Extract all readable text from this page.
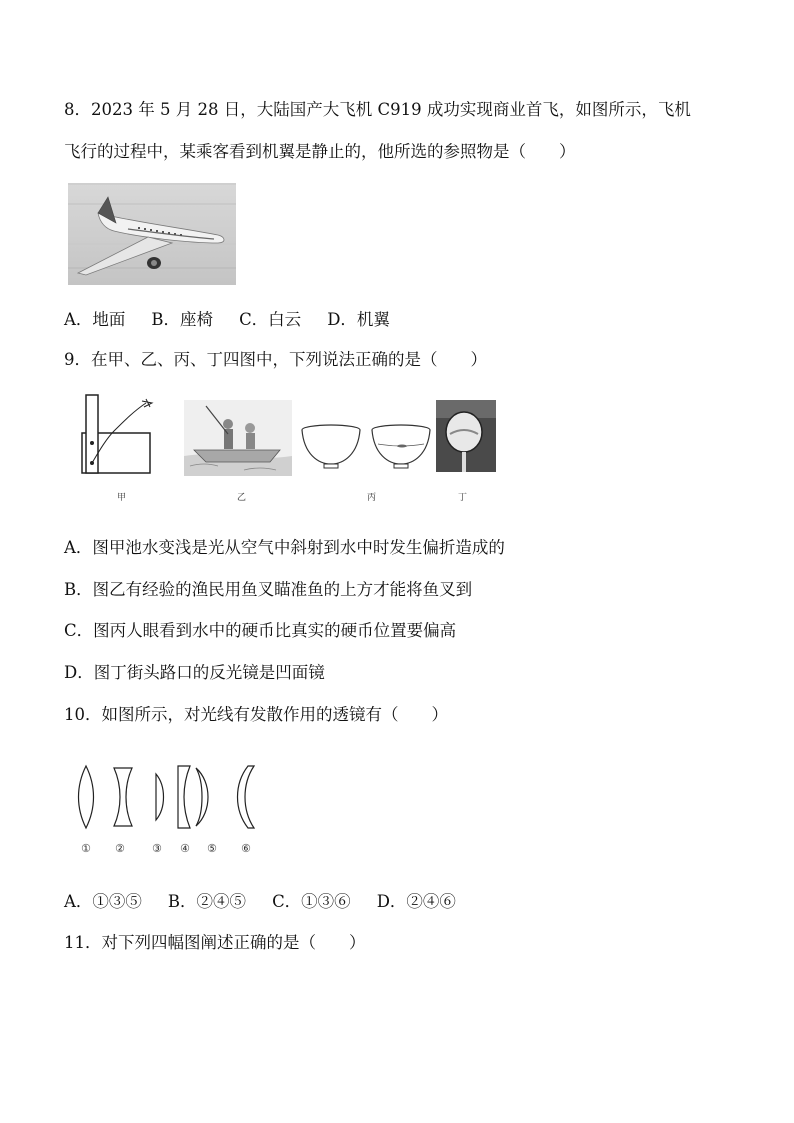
8．2023 年 5 月 28 日，大陆国产大飞机 C919 成功实现商业首飞，如图所示，飞机
飞行的过程中，某乘客看到机翼是静止的，他所选的参照物是（　　）
A．地面 B．座椅 C．白云 D．机翼
9．在甲、乙、丙、丁四图中，下列说法正确的是（　　）
甲	乙	丙	丁
A．图甲池水变浅是光从空气中斜射到水中时发生偏折造成的
B．图乙有经验的渔民用鱼叉瞄准鱼的上方才能将鱼叉到
C．图丙人眼看到水中的硬币比真实的硬币位置要偏高
D．图丁街头路口的反光镜是凹面镜
10．如图所示，对光线有发散作用的透镜有（　　）
① ② ③ ④ ⑤ ⑥
A．①③⑤ B．②④⑤ C．①③⑥ D．②④⑥
11．对下列四幅图阐述正确的是（　　）
